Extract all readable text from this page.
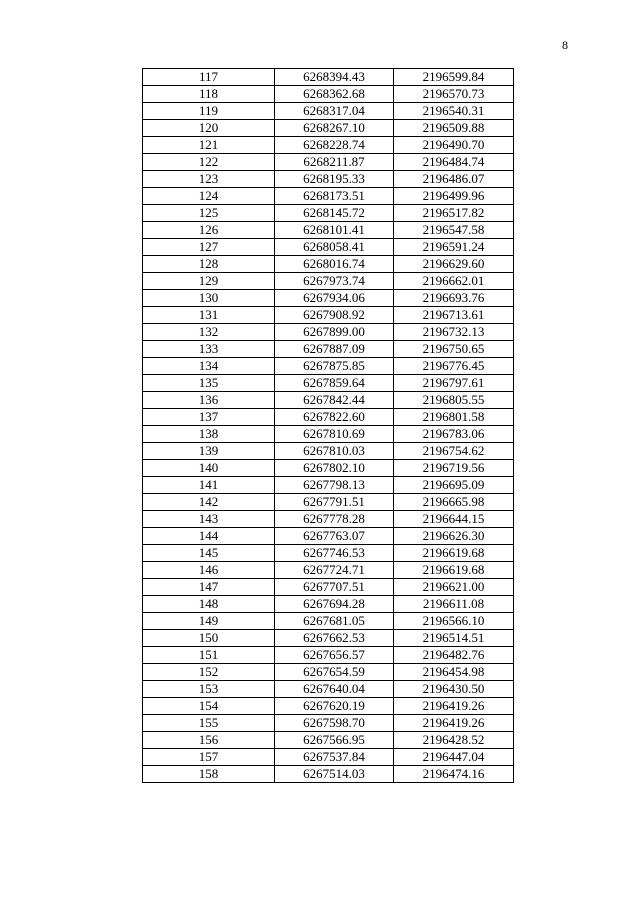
8
117	6268394.43	2196599.84
118	6268362.68	2196570.73
119	6268317.04	2196540.31
120	6268267.10	2196509.88
121	6268228.74	2196490.70
122	6268211.87	2196484.74
123	6268195.33	2196486.07
124	6268173.51	2196499.96
125	6268145.72	2196517.82
126	6268101.41	2196547.58
127	6268058.41	2196591.24
128	6268016.74	2196629.60
129	6267973.74	2196662.01
130	6267934.06	2196693.76
131	6267908.92	2196713.61
132	6267899.00	2196732.13
133	6267887.09	2196750.65
134	6267875.85	2196776.45
135	6267859.64	2196797.61
136	6267842.44	2196805.55
137	6267822.60	2196801.58
138	6267810.69	2196783.06
139	6267810.03	2196754.62
140	6267802.10	2196719.56
141	6267798.13	2196695.09
142	6267791.51	2196665.98
143	6267778.28	2196644.15
144	6267763.07	2196626.30
145	6267746.53	2196619.68
146	6267724.71	2196619.68
147	6267707.51	2196621.00
148	6267694.28	2196611.08
149	6267681.05	2196566.10
150	6267662.53	2196514.51
151	6267656.57	2196482.76
152	6267654.59	2196454.98
153	6267640.04	2196430.50
154	6267620.19	2196419.26
155	6267598.70	2196419.26
156	6267566.95	2196428.52
157	6267537.84	2196447.04
158	6267514.03	2196474.16
